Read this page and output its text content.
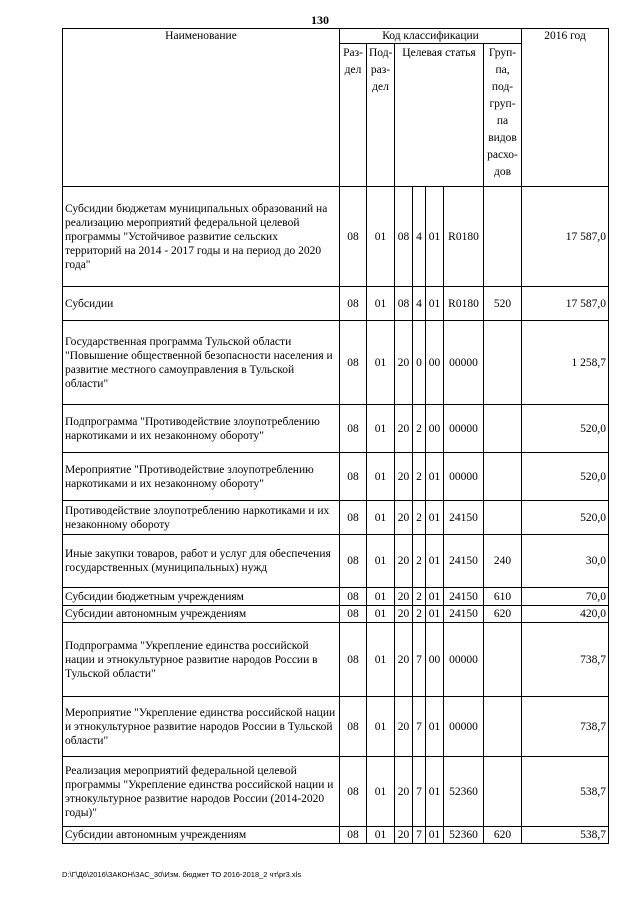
130
Наименование	Код классификации							2016 год
	Раз-дел	Под-раз-дел	Целевая статья				Груп-па, под-груп-па видов расхо-дов	

Субсидии бюджетам муниципальных образований на реализацию мероприятий федеральной целевой программы "Устойчивое развитие сельских территорий на 2014 - 2017 годы и на период до 2020 года"	08	01	08	4	01	R0180		17 587,0
Субсидии	08	01	08	4	01	R0180	520	17 587,0
Государственная программа Тульской области "Повышение общественной безопасности населения и развитие местного самоуправления в Тульской области"	08	01	20	0	00	00000		1 258,7
Подпрограмма "Противодействие злоупотреблению наркотиками и их незаконному обороту"	08	01	20	2	00	00000		520,0
Мероприятие "Противодействие злоупотреблению наркотиками и их незаконному обороту"	08	01	20	2	01	00000		520,0
Противодействие злоупотреблению наркотиками и их незаконному обороту	08	01	20	2	01	24150		520,0
Иные закупки товаров, работ и услуг для обеспечения государственных (муниципальных) нужд	08	01	20	2	01	24150	240	30,0
Субсидии бюджетным учреждениям	08	01	20	2	01	24150	610	70,0
Субсидии автономным учреждениям	08	01	20	2	01	24150	620	420,0
Подпрограмма "Укрепление единства российской нации и этнокультурное развитие народов России в Тульской области"	08	01	20	7	00	00000		738,7
Мероприятие "Укрепление единства российской нации и этнокультурное развитие народов России в Тульской области"	08	01	20	7	01	00000		738,7
Реализация мероприятий федеральной целевой программы "Укрепление единства российской нации и этнокультурное развитие народов России (2014-2020 годы)"	08	01	20	7	01	52360		538,7
Субсидии автономным учреждениям	08	01	20	7	01	52360	620	538,7
D:\Г\Д6\2016\ЗАКОН\ЗАС_30\Изм. бюджет ТО 2016-2018_2 чт\рr3.xls
